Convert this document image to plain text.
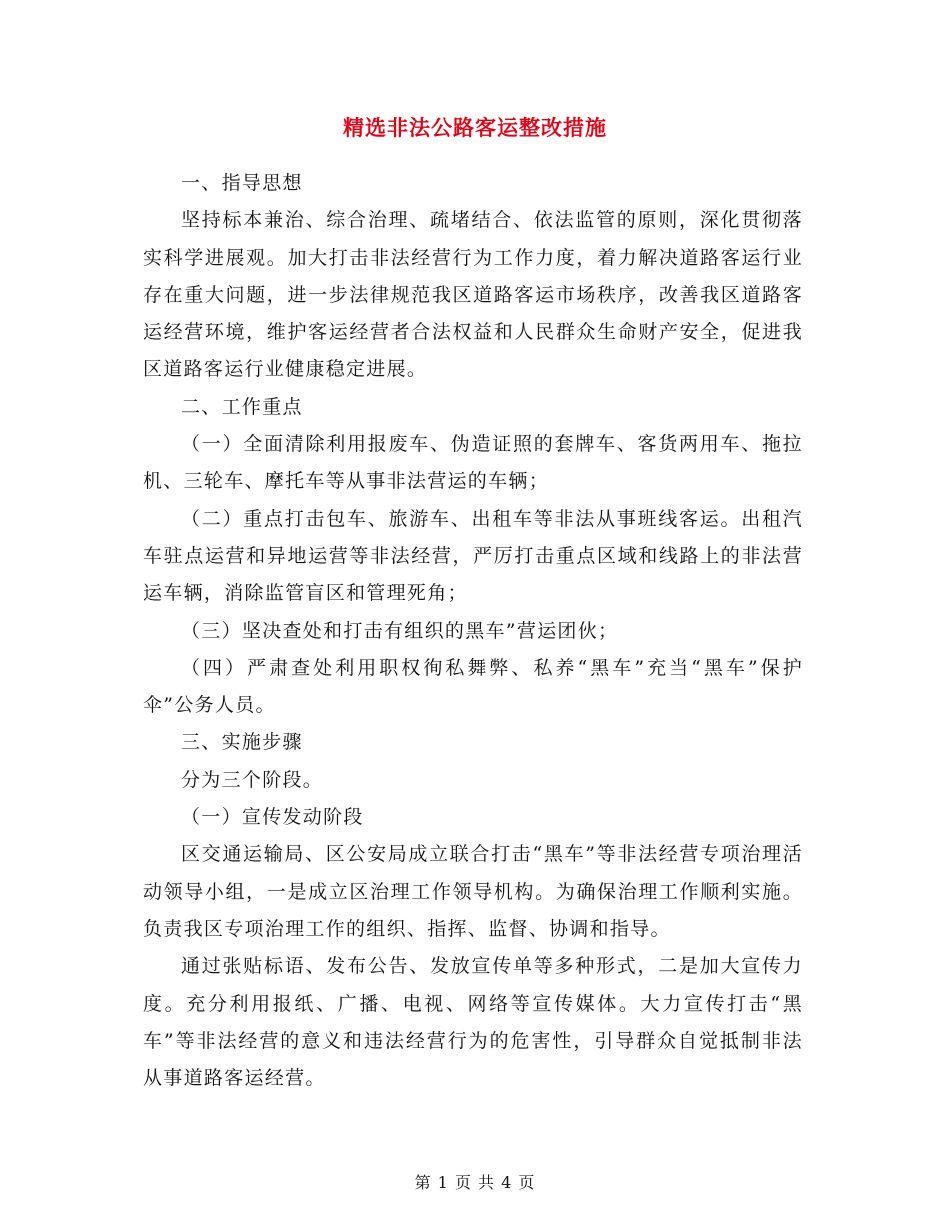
精选非法公路客运整改措施

一、指导思想

坚持标本兼治、综合治理、疏堵结合、依法监管的原则，深化贯彻落实科学进展观。加大打击非法经营行为工作力度，着力解决道路客运行业存在重大问题，进一步法律规范我区道路客运市场秩序，改善我区道路客运经营环境，维护客运经营者合法权益和人民群众生命财产安全，促进我区道路客运行业健康稳定进展。

二、工作重点

（一）全面清除利用报废车、伪造证照的套牌车、客货两用车、拖拉机、三轮车、摩托车等从事非法营运的车辆；

（二）重点打击包车、旅游车、出租车等非法从事班线客运。出租汽车驻点运营和异地运营等非法经营，严厉打击重点区域和线路上的非法营运车辆，消除监管盲区和管理死角；

（三）坚决查处和打击有组织的黑车”营运团伙；

（四）严肃查处利用职权徇私舞弊、私养“黑车”充当“黑车”保护伞”公务人员。

三、实施步骤

分为三个阶段。

（一）宣传发动阶段

区交通运输局、区公安局成立联合打击“黑车”等非法经营专项治理活动领导小组，一是成立区治理工作领导机构。为确保治理工作顺利实施。负责我区专项治理工作的组织、指挥、监督、协调和指导。

通过张贴标语、发布公告、发放宣传单等多种形式，二是加大宣传力度。充分利用报纸、广播、电视、网络等宣传媒体。大力宣传打击“黑车”等非法经营的意义和违法经营行为的危害性，引导群众自觉抵制非法从事道路客运经营。

第 1 页 共 4 页
